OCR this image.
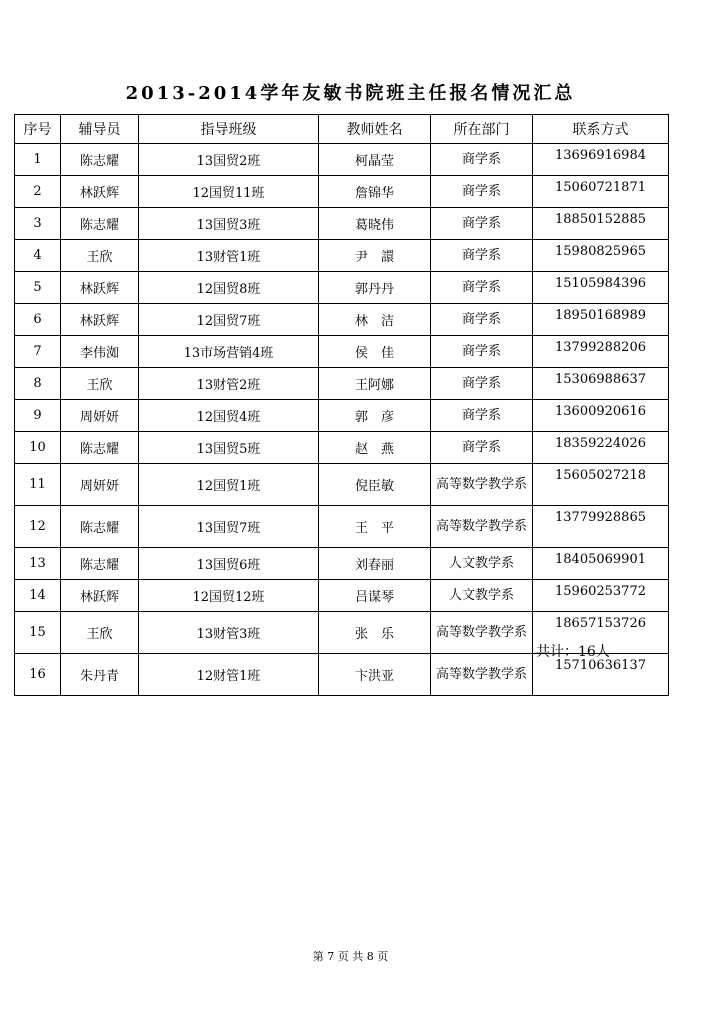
2013-2014学年友敏书院班主任报名情况汇总
序号	辅导员	指导班级	教师姓名	所在部门	联系方式
1	陈志耀	13国贸2班	柯晶莹	商学系	13696916984
2	林跃辉	12国贸11班	詹锦华	商学系	15060721871
3	陈志耀	13国贸3班	葛晓伟	商学系	18850152885
4	王欣	13财管1班	尹　譞	商学系	15980825965
5	林跃辉	12国贸8班	郭丹丹	商学系	15105984396
6	林跃辉	12国贸7班	林　洁	商学系	18950168989
7	李伟洳	13市场营销4班	侯　佳	商学系	13799288206
8	王欣	13财管2班	王阿娜	商学系	15306988637
9	周妍妍	12国贸4班	郭　彦	商学系	13600920616
10	陈志耀	13国贸5班	赵　燕	商学系	18359224026
11	周妍妍	12国贸1班	倪臣敏	高等数学教学系	15605027218
12	陈志耀	13国贸7班	王　平	高等数学教学系	13779928865
13	陈志耀	13国贸6班	刘春丽	人文教学系	18405069901
14	林跃辉	12国贸12班	吕谋琴	人文教学系	15960253772
15	王欣	13财管3班	张　乐	高等数学教学系	18657153726
16	朱丹青	12财管1班	卞洪亚	高等数学教学系	15710636137
共计：16人
第 7 页 共 8 页
